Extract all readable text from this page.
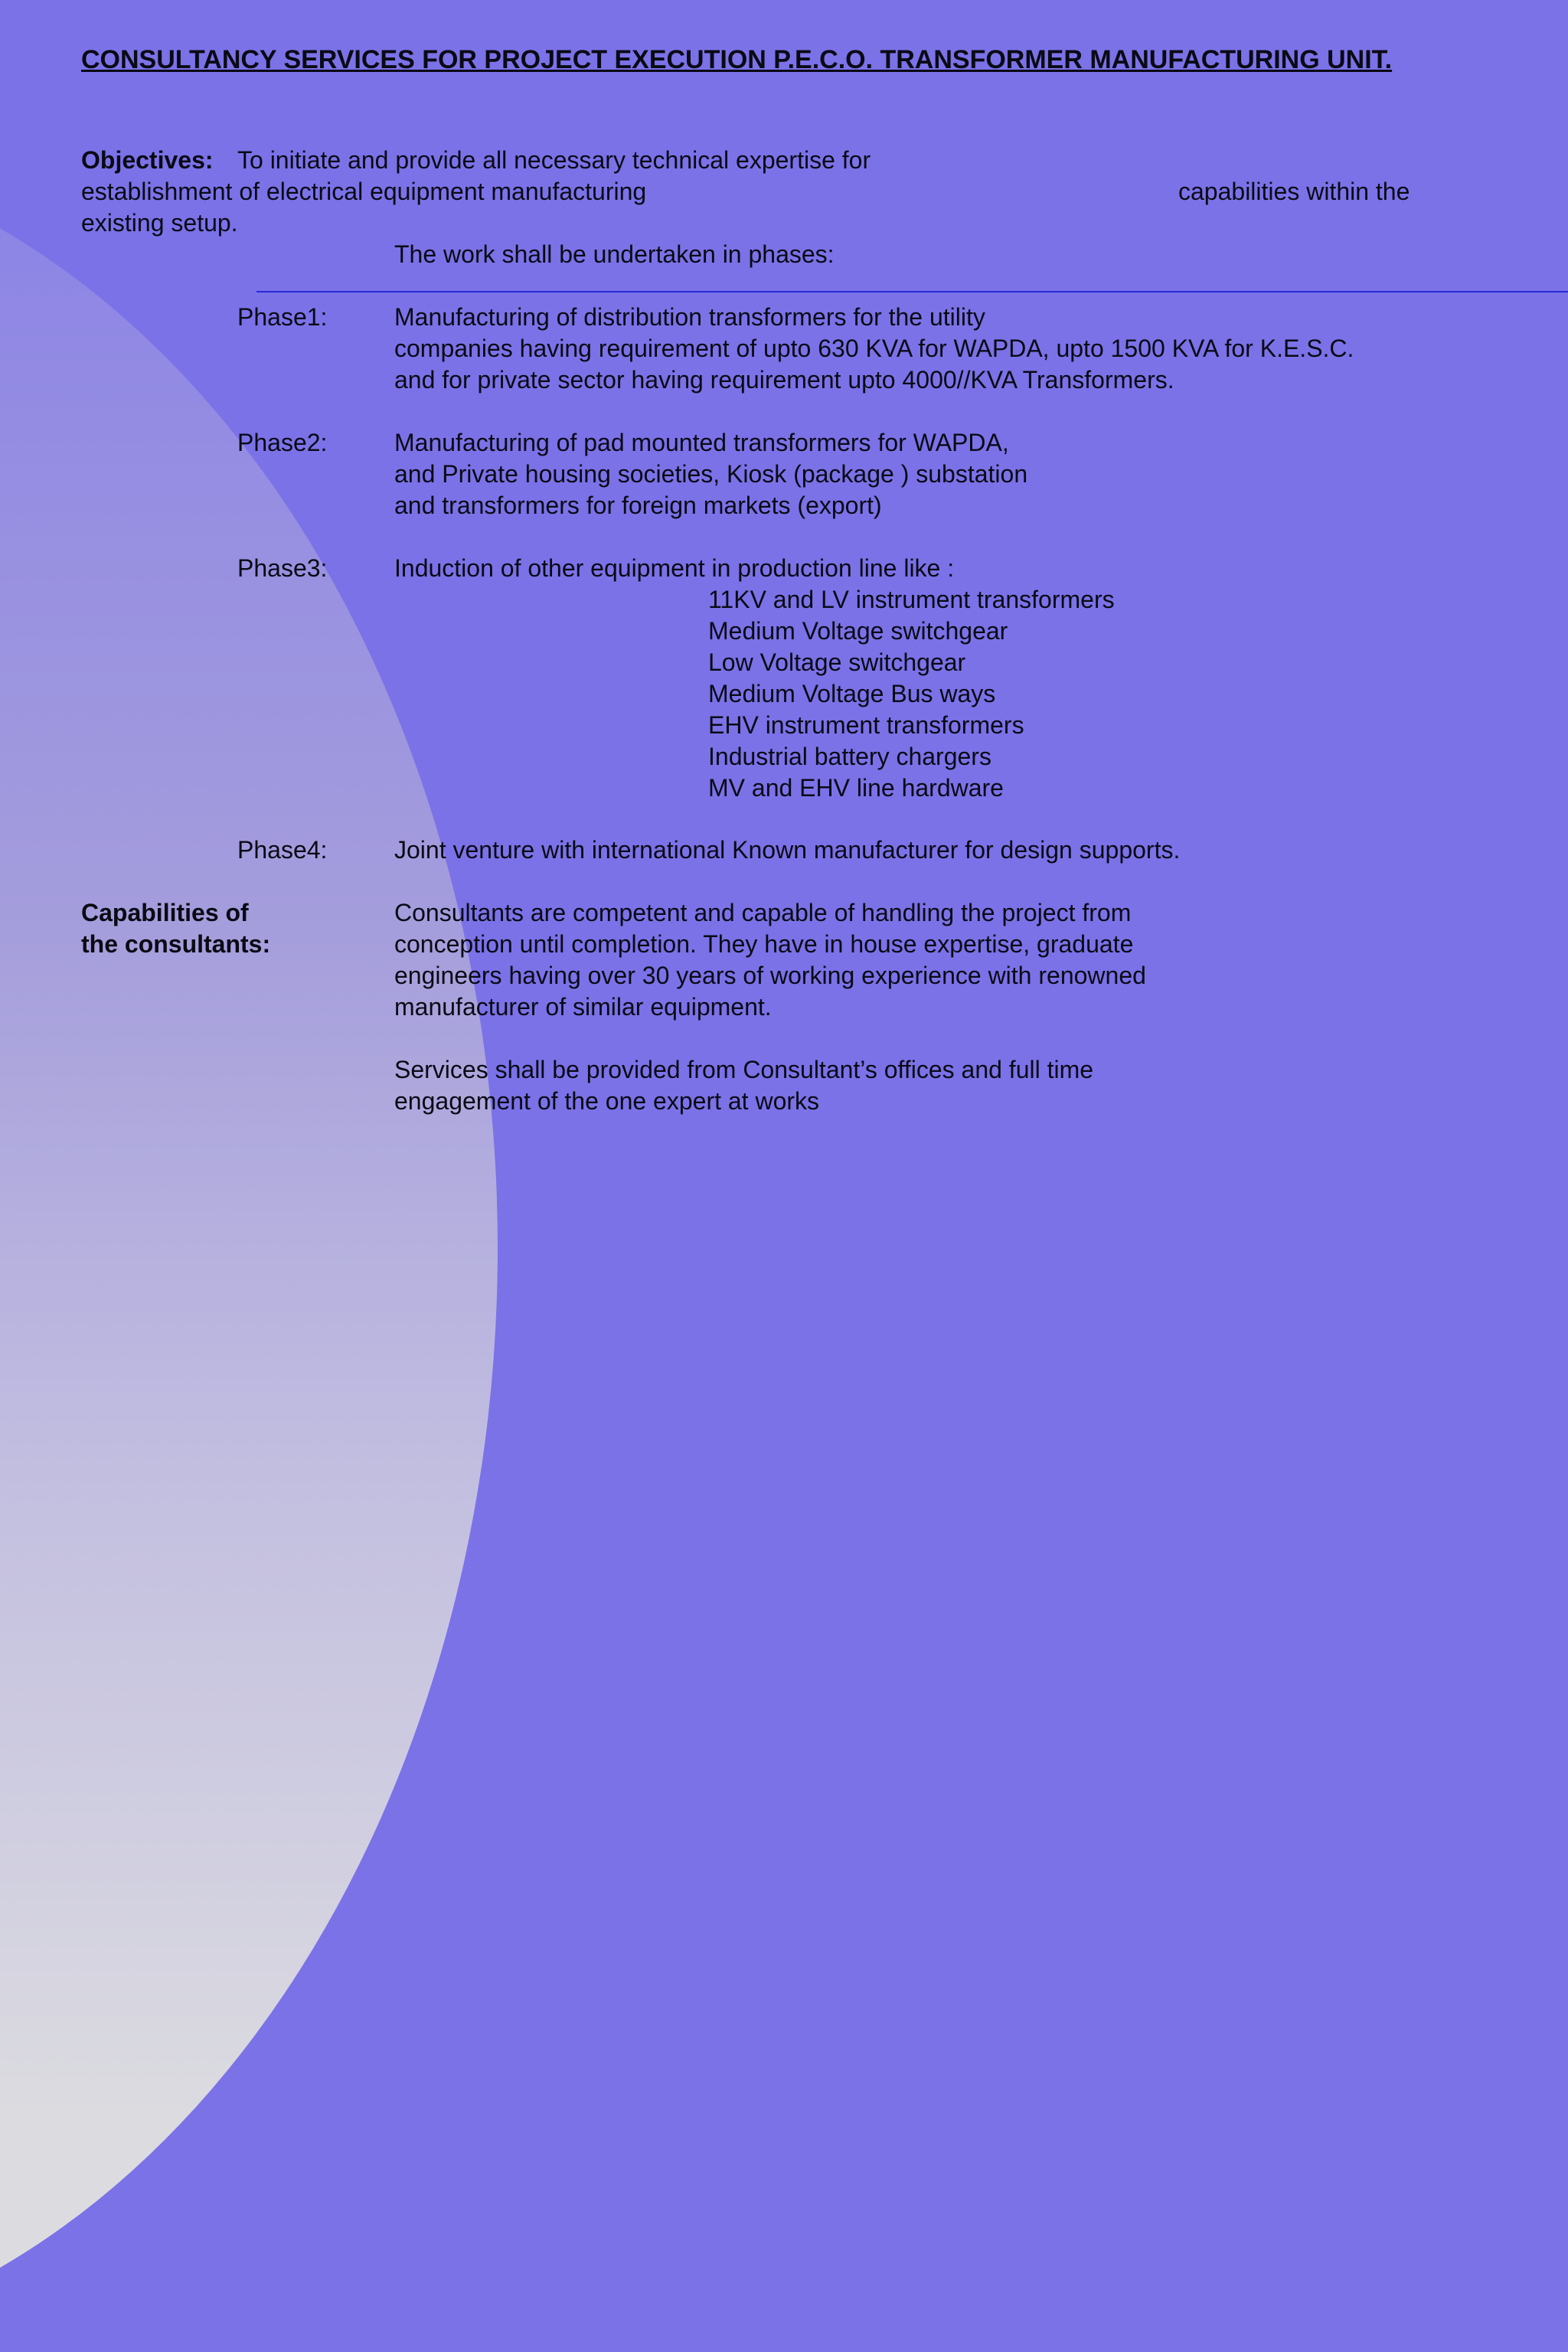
CONSULTANCY SERVICES FOR PROJECT EXECUTION P.E.C.O. TRANSFORMER MANUFACTURING UNIT.
Objectives: To initiate and provide all necessary technical expertise for
establishment of electrical equipment manufacturing	capabilities within the
existing setup.
The work shall be undertaken in phases:
Phase1:	Manufacturing of distribution transformers for the utility
companies having requirement of upto 630 KVA for WAPDA, upto 1500 KVA for K.E.S.C.
and for private sector having requirement upto 4000//KVA Transformers.
Phase2:	Manufacturing of pad mounted transformers for WAPDA,
and Private housing societies, Kiosk (package ) substation
and transformers for foreign markets (export)
Phase3:	Induction of other equipment in production line like :
11KV and LV instrument transformers
Medium Voltage switchgear
Low Voltage switchgear
Medium Voltage Bus ways
EHV instrument transformers
Industrial battery chargers
MV and EHV line hardware
Phase4:	Joint venture with international Known manufacturer for design supports.
Capabilities of
the consultants:
Consultants are competent and capable of handling the project from
conception until completion. They have in house expertise, graduate
engineers having over 30 years of working experience with renowned
manufacturer of similar equipment.
Services shall be provided from Consultant’s offices and full time
engagement of the one expert at works
